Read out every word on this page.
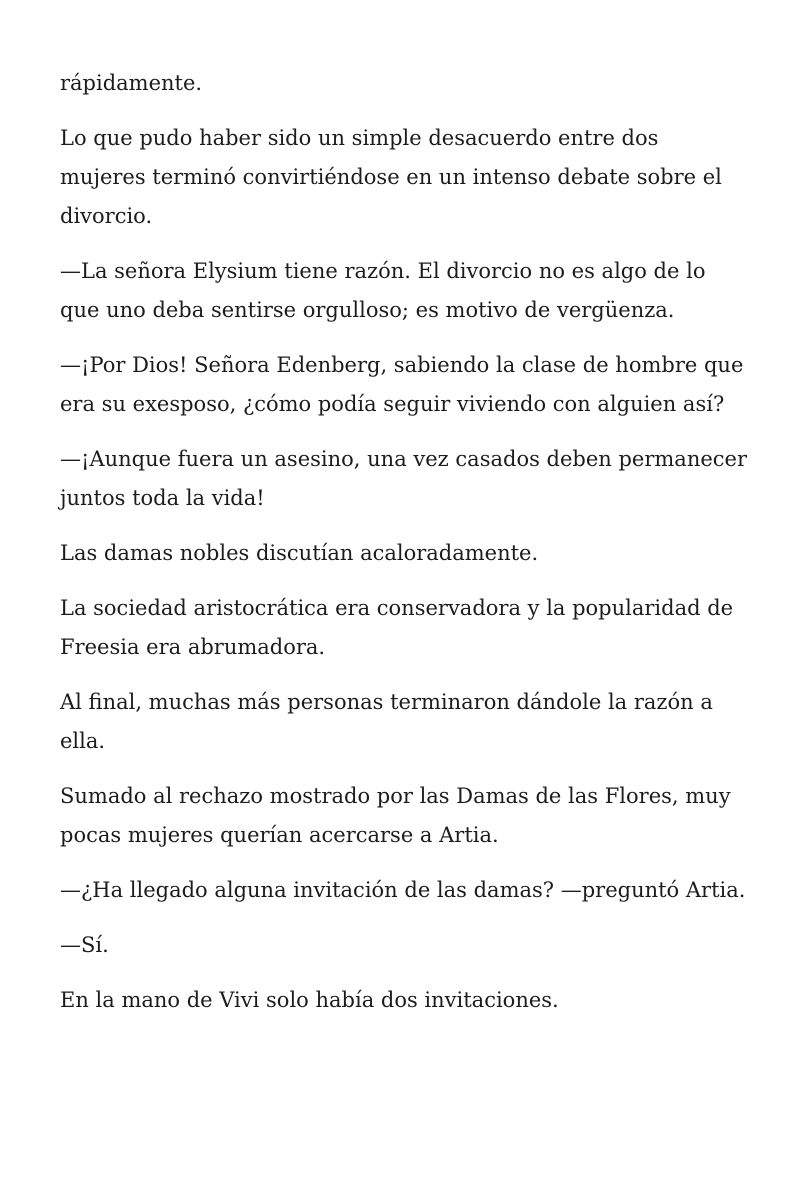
rápidamente.

Lo que pudo haber sido un simple desacuerdo entre dos mujeres terminó convirtiéndose en un intenso debate sobre el divorcio.

—La señora Elysium tiene razón. El divorcio no es algo de lo que uno deba sentirse orgulloso; es motivo de vergüenza.

—¡Por Dios! Señora Edenberg, sabiendo la clase de hombre que era su exesposo, ¿cómo podía seguir viviendo con alguien así?

—¡Aunque fuera un asesino, una vez casados deben permanecer juntos toda la vida!

Las damas nobles discutían acaloradamente.

La sociedad aristocrática era conservadora y la popularidad de Freesia era abrumadora.

Al final, muchas más personas terminaron dándole la razón a ella.

Sumado al rechazo mostrado por las Damas de las Flores, muy pocas mujeres querían acercarse a Artia.

—¿Ha llegado alguna invitación de las damas? —preguntó Artia.

—Sí.

En la mano de Vivi solo había dos invitaciones.
